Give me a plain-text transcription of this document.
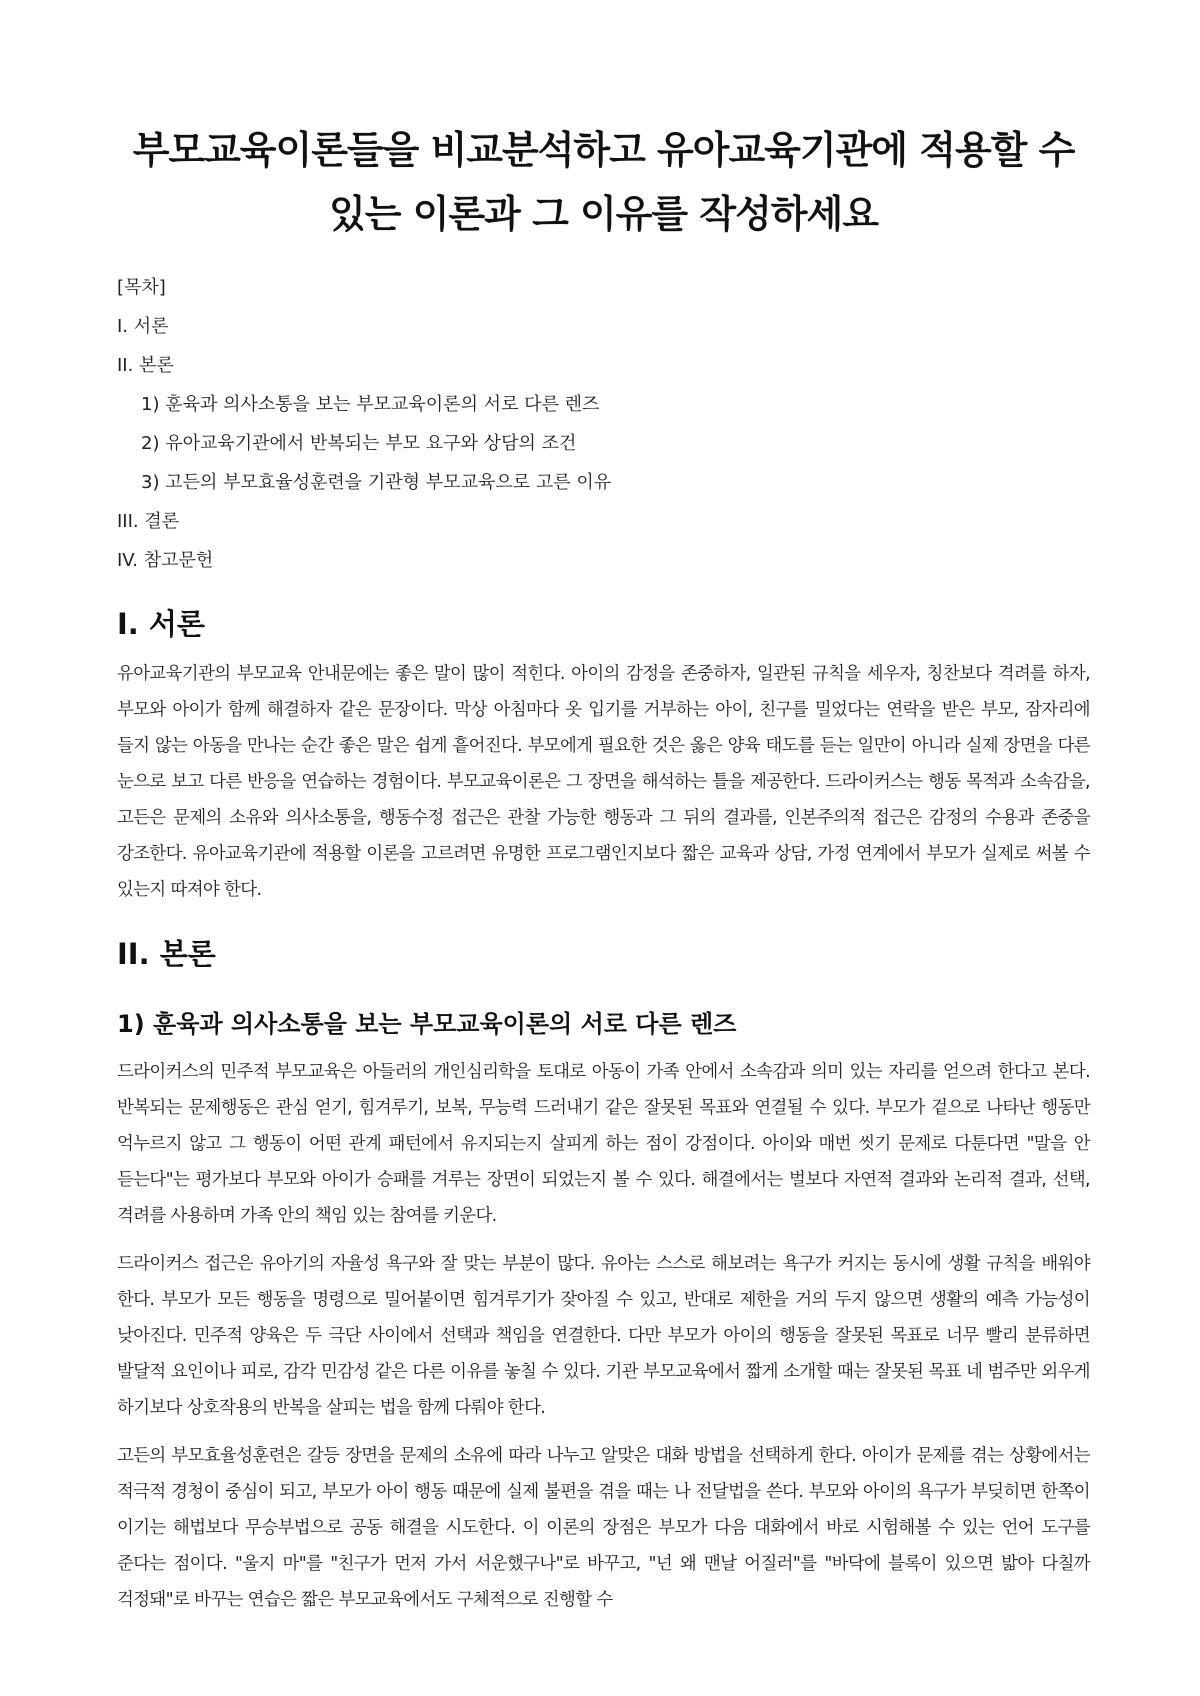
부모교육이론들을 비교분석하고 유아교육기관에 적용할 수 있는 이론과 그 이유를 작성하세요
[목차]
I. 서론
II. 본론
1) 훈육과 의사소통을 보는 부모교육이론의 서로 다른 렌즈
2) 유아교육기관에서 반복되는 부모 요구와 상담의 조건
3) 고든의 부모효율성훈련을 기관형 부모교육으로 고른 이유
III. 결론
IV. 참고문헌
I. 서론

유아교육기관의 부모교육 안내문에는 좋은 말이 많이 적힌다. 아이의 감정을 존중하자, 일관된 규칙을 세우자, 칭찬보다 격려를 하자, 부모와 아이가 함께 해결하자 같은 문장이다. 막상 아침마다 옷 입기를 거부하는 아이, 친구를 밀었다는 연락을 받은 부모, 잠자리에 들지 않는 아동을 만나는 순간 좋은 말은 쉽게 흩어진다. 부모에게 필요한 것은 옳은 양육 태도를 듣는 일만이 아니라 실제 장면을 다른 눈으로 보고 다른 반응을 연습하는 경험이다. 부모교육이론은 그 장면을 해석하는 틀을 제공한다. 드라이커스는 행동 목적과 소속감을, 고든은 문제의 소유와 의사소통을, 행동수정 접근은 관찰 가능한 행동과 그 뒤의 결과를, 인본주의적 접근은 감정의 수용과 존중을 강조한다. 유아교육기관에 적용할 이론을 고르려면 유명한 프로그램인지보다 짧은 교육과 상담, 가정 연계에서 부모가 실제로 써볼 수 있는지 따져야 한다.

II. 본론
1) 훈육과 의사소통을 보는 부모교육이론의 서로 다른 렌즈

드라이커스의 민주적 부모교육은 아들러의 개인심리학을 토대로 아동이 가족 안에서 소속감과 의미 있는 자리를 얻으려 한다고 본다. 반복되는 문제행동은 관심 얻기, 힘겨루기, 보복, 무능력 드러내기 같은 잘못된 목표와 연결될 수 있다. 부모가 겉으로 나타난 행동만 억누르지 않고 그 행동이 어떤 관계 패턴에서 유지되는지 살피게 하는 점이 강점이다. 아이와 매번 씻기 문제로 다툰다면 "말을 안 듣는다"는 평가보다 부모와 아이가 승패를 겨루는 장면이 되었는지 볼 수 있다. 해결에서는 벌보다 자연적 결과와 논리적 결과, 선택, 격려를 사용하며 가족 안의 책임 있는 참여를 키운다.

드라이커스 접근은 유아기의 자율성 욕구와 잘 맞는 부분이 많다. 유아는 스스로 해보려는 욕구가 커지는 동시에 생활 규칙을 배워야 한다. 부모가 모든 행동을 명령으로 밀어붙이면 힘겨루기가 잦아질 수 있고, 반대로 제한을 거의 두지 않으면 생활의 예측 가능성이 낮아진다. 민주적 양육은 두 극단 사이에서 선택과 책임을 연결한다. 다만 부모가 아이의 행동을 잘못된 목표로 너무 빨리 분류하면 발달적 요인이나 피로, 감각 민감성 같은 다른 이유를 놓칠 수 있다. 기관 부모교육에서 짧게 소개할 때는 잘못된 목표 네 범주만 외우게 하기보다 상호작용의 반복을 살피는 법을 함께 다뤄야 한다.

고든의 부모효율성훈련은 갈등 장면을 문제의 소유에 따라 나누고 알맞은 대화 방법을 선택하게 한다. 아이가 문제를 겪는 상황에서는 적극적 경청이 중심이 되고, 부모가 아이 행동 때문에 실제 불편을 겪을 때는 나 전달법을 쓴다. 부모와 아이의 욕구가 부딪히면 한쪽이 이기는 해법보다 무승부법으로 공동 해결을 시도한다. 이 이론의 장점은 부모가 다음 대화에서 바로 시험해볼 수 있는 언어 도구를 준다는 점이다. "울지 마"를 "친구가 먼저 가서 서운했구나"로 바꾸고, "넌 왜 맨날 어질러"를 "바닥에 블록이 있으면 밟아 다칠까 걱정돼"로 바꾸는 연습은 짧은 부모교육에서도 구체적으로 진행할 수
